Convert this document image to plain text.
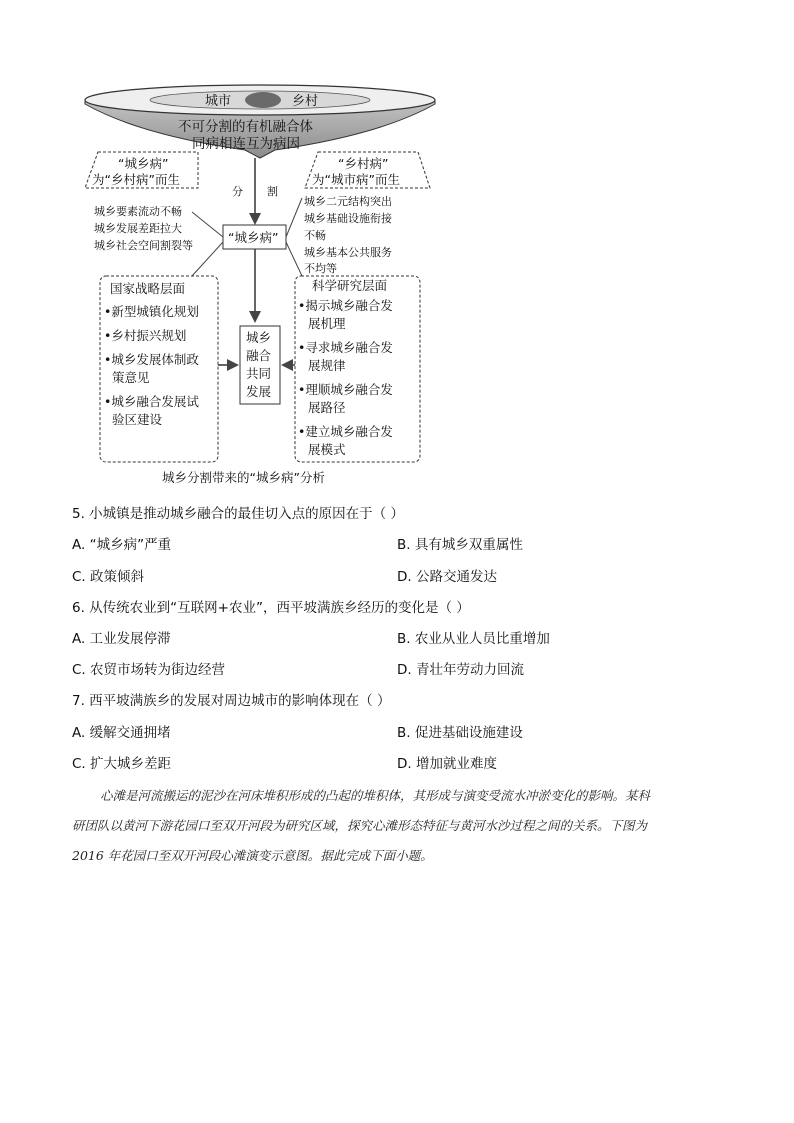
城市	乡村
不可分割的有机融合体
同病相连互为病因
“城乡病”
为“乡村病”而生
“乡村病”
为“城市病”而生
分 割
城乡要素流动不畅
城乡发展差距拉大
城乡社会空间割裂等
城乡二元结构突出
城乡基础设施衔接
不畅
城乡基本公共服务
不均等
“城乡病”
城乡
融合
共同
发展
国家战略层面
•新型城镇化规划
•乡村振兴规划
•城乡发展体制政
策意见
•城乡融合发展试
验区建设
科学研究层面
•揭示城乡融合发
展机理
•寻求城乡融合发
展规律
•理顺城乡融合发
展路径
•建立城乡融合发
展模式
城乡分割带来的“城乡病”分析
5. 小城镇是推动城乡融合的最佳切入点的原因在于（ ）
A. “城乡病”严重	B. 具有城乡双重属性
C. 政策倾斜	D. 公路交通发达
6. 从传统农业到“互联网+农业”，西平坡满族乡经历的变化是（ ）
A. 工业发展停滞	B. 农业从业人员比重增加
C. 农贸市场转为街边经营	D. 青壮年劳动力回流
7. 西平坡满族乡的发展对周边城市的影响体现在（ ）
A. 缓解交通拥堵	B. 促进基础设施建设
C. 扩大城乡差距	D. 增加就业难度
心滩是河流搬运的泥沙在河床堆积形成的凸起的堆积体，其形成与演变受流水冲淤变化的影响。某科
研团队以黄河下游花园口至双开河段为研究区域，探究心滩形态特征与黄河水沙过程之间的关系。下图为
2016 年花园口至双开河段心滩演变示意图。据此完成下面小题。
